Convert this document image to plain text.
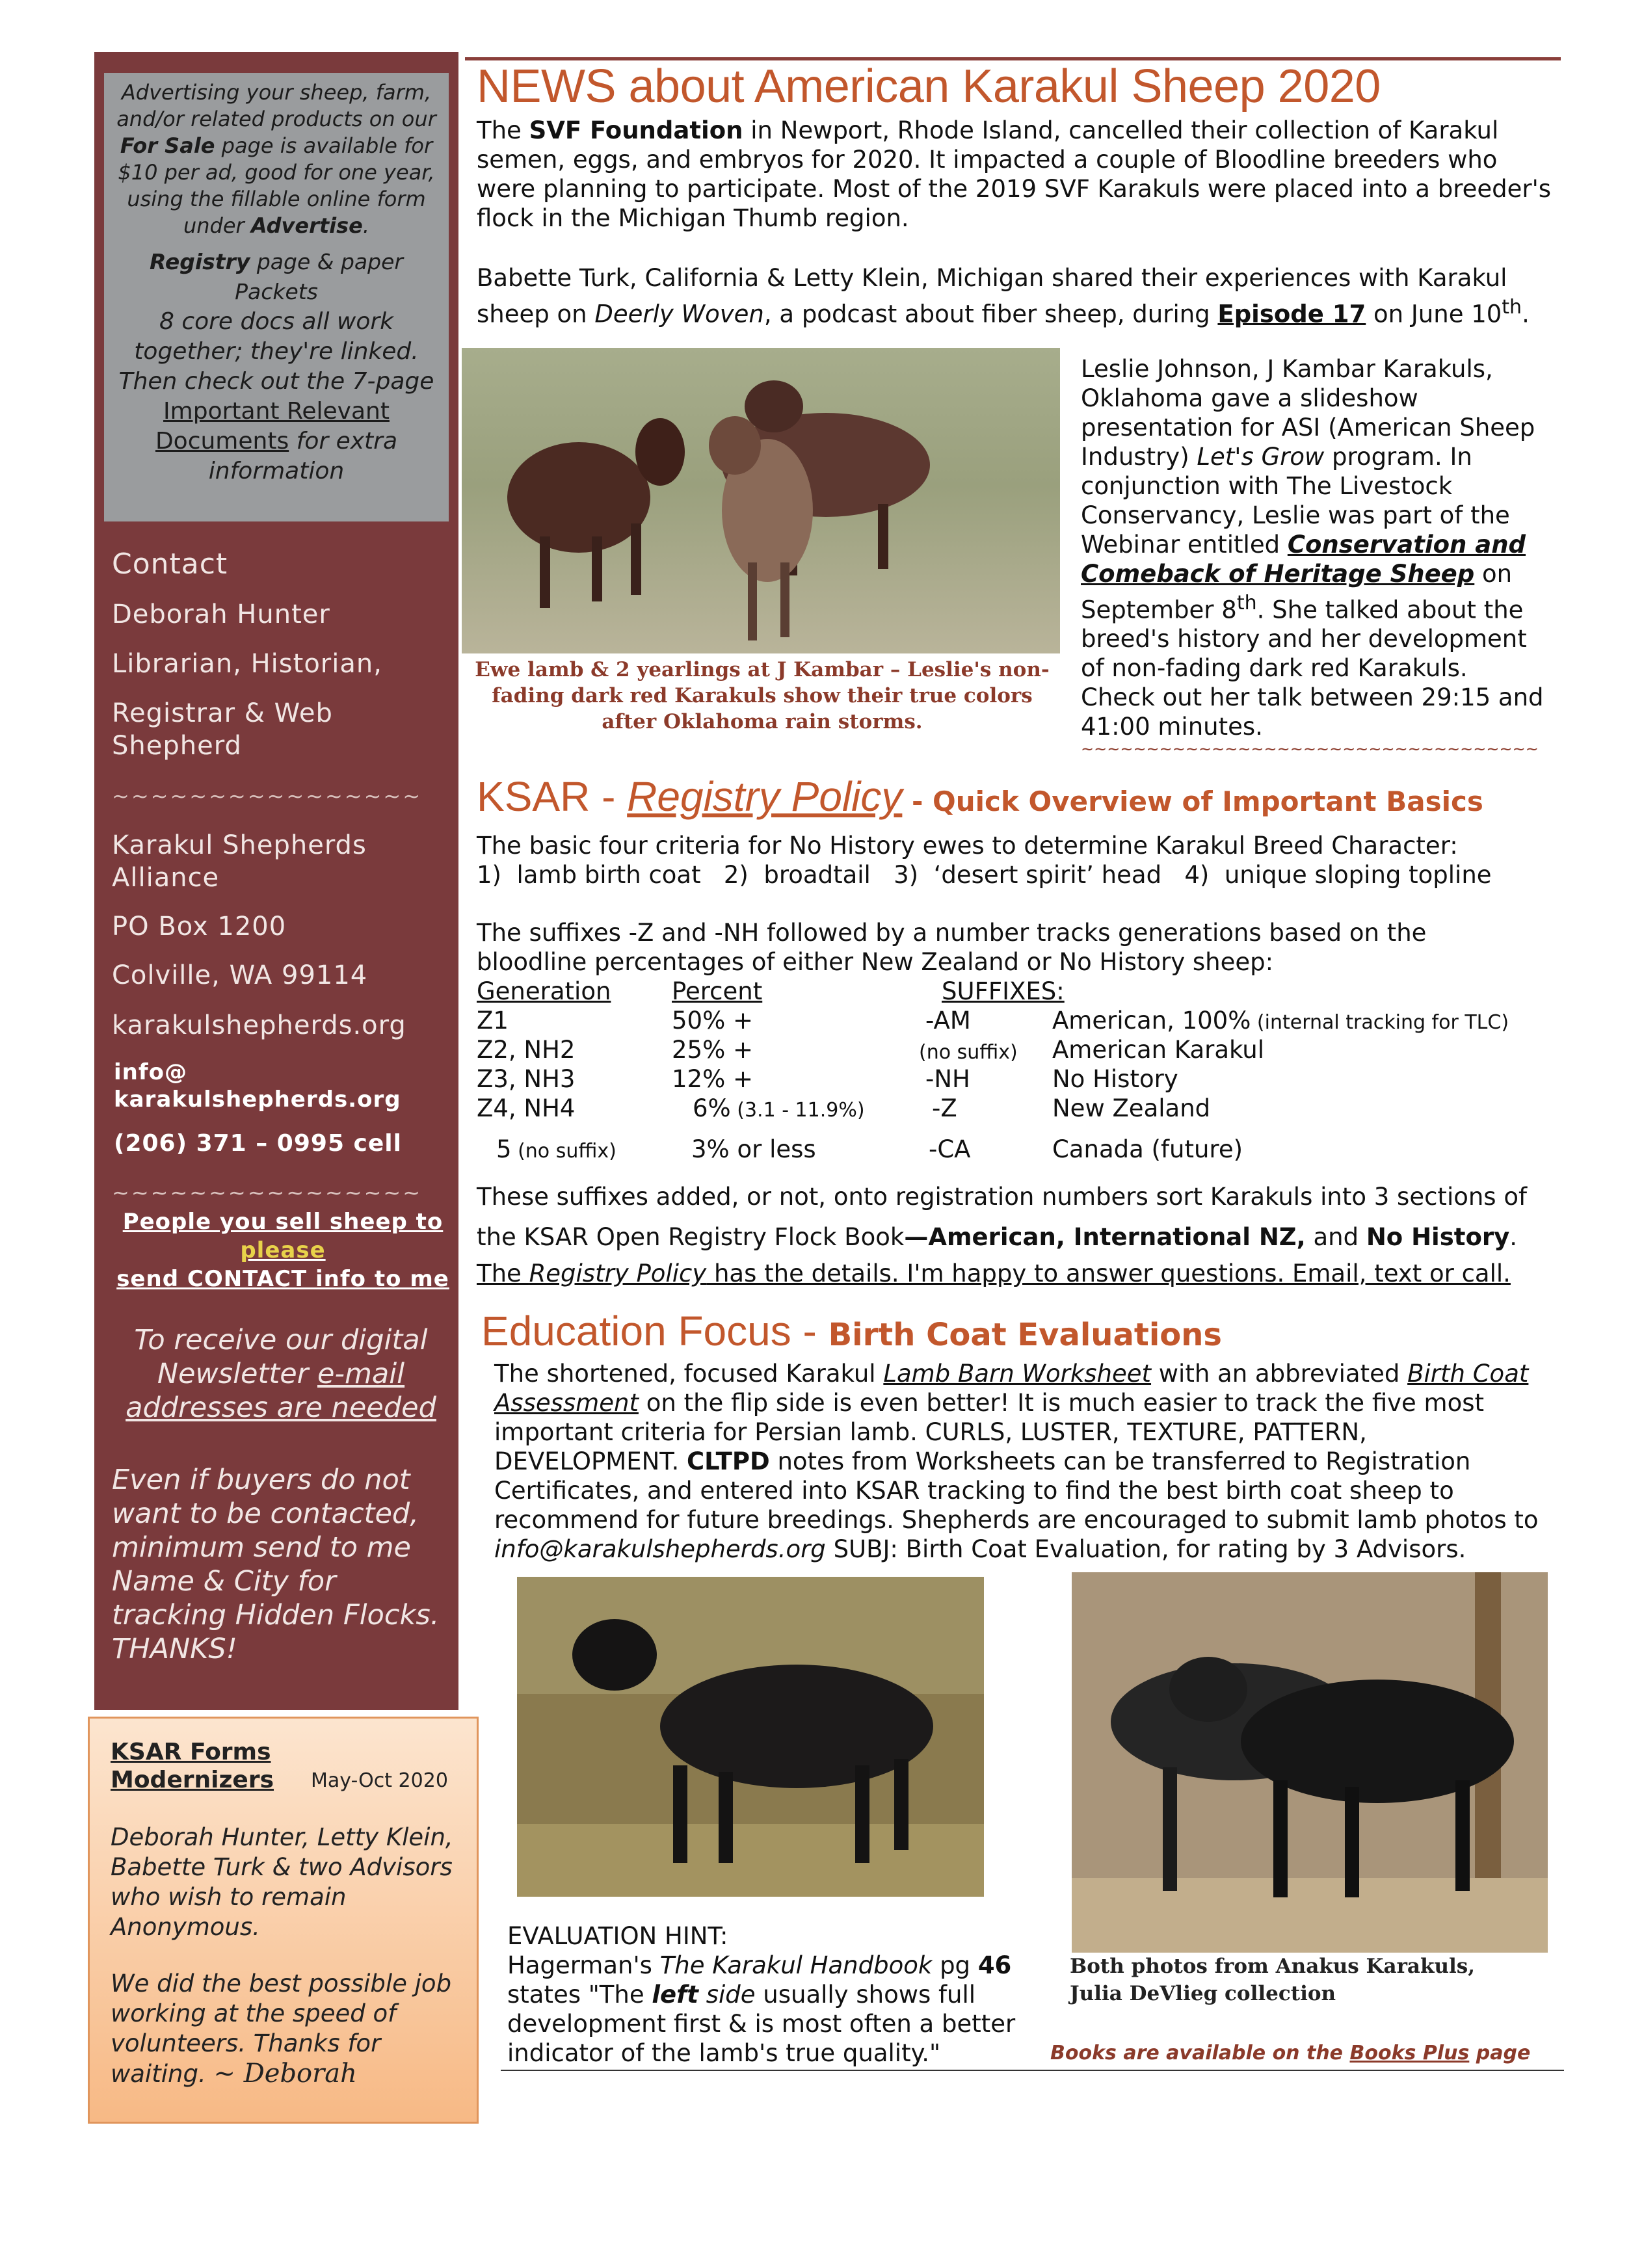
Advertising your sheep, farm, and/or related products on our For Sale page is available for $10 per ad, good for one year, using the fillable online form under Advertise.

Registry page & paper Packets
8 core docs all work together; they're linked. Then check out the 7-page
Important Relevant Documents for extra information

Contact
Deborah Hunter
Librarian, Historian,
Registrar & Web Shepherd
~~~~~~~~~~~~~~~~
Karakul Shepherds Alliance
PO Box 1200
Colville, WA 99114
karakulshepherds.org
info@
karakulshepherds.org
(206) 371 – 0995 cell
~~~~~~~~~~~~~~~~
People you sell sheep to
please
send CONTACT info to me
To receive our digital Newsletter e-mail addresses are needed
Even if buyers do not want to be contacted, minimum send to me Name & City for tracking Hidden Flocks. THANKS!
KSAR Forms
Modernizers May-Oct 2020
Deborah Hunter, Letty Klein, Babette Turk & two Advisors who wish to remain Anonymous.
We did the best possible job working at the speed of volunteers. Thanks for waiting. ~ Deborah
NEWS about American Karakul Sheep 2020
The SVF Foundation in Newport, Rhode Island, cancelled their collection of Karakul semen, eggs, and embryos for 2020. It impacted a couple of Bloodline breeders who were planning to participate. Most of the 2019 SVF Karakuls were placed into a breeder's flock in the Michigan Thumb region.
Babette Turk, California & Letty Klein, Michigan shared their experiences with Karakul sheep on Deerly Woven, a podcast about fiber sheep, during Episode 17 on June 10th.
Ewe lamb & 2 yearlings at J Kambar – Leslie's non-fading dark red Karakuls show their true colors after Oklahoma rain storms.
Leslie Johnson, J Kambar Karakuls, Oklahoma gave a slideshow presentation for ASI (American Sheep Industry) Let's Grow program. In conjunction with The Livestock Conservancy, Leslie was part of the Webinar entitled Conservation and Comeback of Heritage Sheep on September 8th. She talked about the breed's history and her development of non-fading dark red Karakuls. Check out her talk between 29:15 and 41:00 minutes.
~~~~~~~~~~~~~~~~~~~~~~~~~~~~~~~~~~~
KSAR - Registry Policy - Quick Overview of Important Basics
The basic four criteria for No History ewes to determine Karakul Breed Character:
1)  lamb birth coat   2)  broadtail   3)  ‘desert spirit’ head   4)  unique sloping topline
The suffixes -Z and -NH followed by a number tracks generations based on the bloodline percentages of either New Zealand or No History sheep:
Generation	Percent	SUFFIXES:
Z1	50% +	-AM	American, 100% (internal tracking for TLC)
Z2, NH2	25% +	(no suffix) American Karakul
Z3, NH3	12% +	-NH	No History
Z4, NH4	6% (3.1 - 11.9%)	-Z	New Zealand
5 (no suffix)	3% or less	-CA	Canada (future)
These suffixes added, or not, onto registration numbers sort Karakuls into 3 sections of the KSAR Open Registry Flock Book—American, International NZ, and No History.
The Registry Policy has the details. I'm happy to answer questions. Email, text or call.
Education Focus - Birth Coat Evaluations
The shortened, focused Karakul Lamb Barn Worksheet with an abbreviated Birth Coat Assessment on the flip side is even better! It is much easier to track the five most important criteria for Persian lamb. CURLS, LUSTER, TEXTURE, PATTERN, DEVELOPMENT. CLTPD notes from Worksheets can be transferred to Registration Certificates, and entered into KSAR tracking to find the best birth coat sheep to recommend for future breedings. Shepherds are encouraged to submit lamb photos to info@karakulshepherds.org SUBJ: Birth Coat Evaluation, for rating by 3 Advisors.
EVALUATION HINT:
Hagerman's The Karakul Handbook pg 46 states "The left side usually shows full development first & is most often a better indicator of the lamb's true quality."
Both photos from Anakus Karakuls, Julia DeVlieg collection
Books are available on the Books Plus page
